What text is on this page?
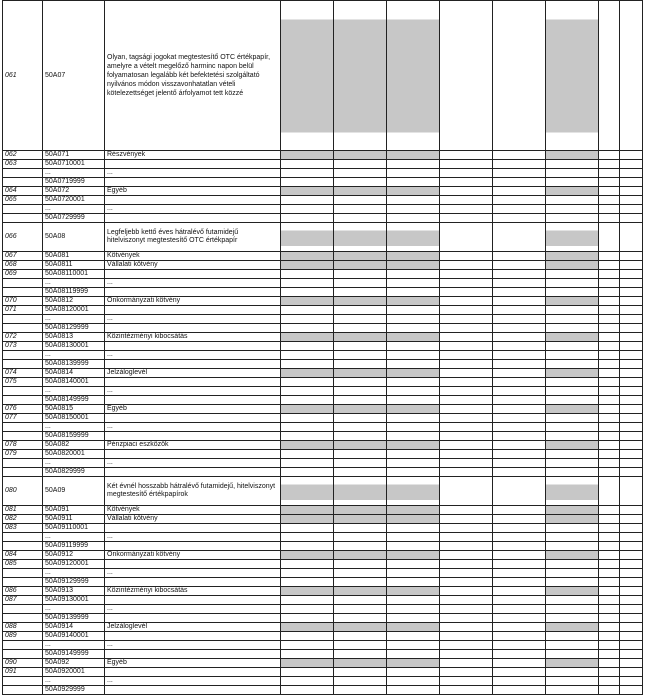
061	50A07	Olyan, tagsági jogokat megtestesítő OTC értékpapír, amelyre a vételt megelőző harminc napon belül folyamatosan legalább két befektetési szolgáltató nyilvános módon visszavonhatatlan vételi kötelezettséget jelentő árfolyamot tett közzé								
062	50A071	Részvények								
063	50A0710001									
	...	...								
	50A0719999									
064	50A072	Egyéb								
065	50A0720001									
	...	...								
	50A0729999									
066	50A08	Legfeljebb kettő éves hátralévő futamidejű hitelviszonyt megtestesítő OTC értékpapír								
067	50A081	Kötvények								
068	50A0811	Vállalati kötvény								
069	50A08110001									
	...	...								
	50A08119999									
070	50A0812	Önkormányzati kötvény								
071	50A08120001									
	...	...								
	50A08129999									
072	50A0813	Közintézményi kibocsátás								
073	50A08130001									
	...	...								
	50A08139999									
074	50A0814	Jelzáloglevél								
075	50A08140001									
	...	...								
	50A08149999									
076	50A0815	Egyéb								
077	50A08150001									
	...	...								
	50A08159999									
078	50A082	Pénzpiaci eszközök								
079	50A0820001									
	...	...								
	50A0829999									
080	50A09	Két évnél hosszabb hátralévő futamidejű, hitelviszonyt megtestesítő értékpapírok								
081	50A091	Kötvények								
082	50A0911	Vállalati kötvény								
083	50A09110001									
	...	...								
	50A09119999									
084	50A0912	Önkormányzati kötvény								
085	50A09120001									
	...	...								
	50A09129999									
086	50A0913	Közintézményi kibocsátás								
087	50A09130001									
	...	...								
	50A09139999									
088	50A0914	Jelzáloglevél								
089	50A09140001									
	...	...								
	50A09149999									
090	50A092	Egyéb								
091	50A0920001									
	...	...								
	50A0929999									
